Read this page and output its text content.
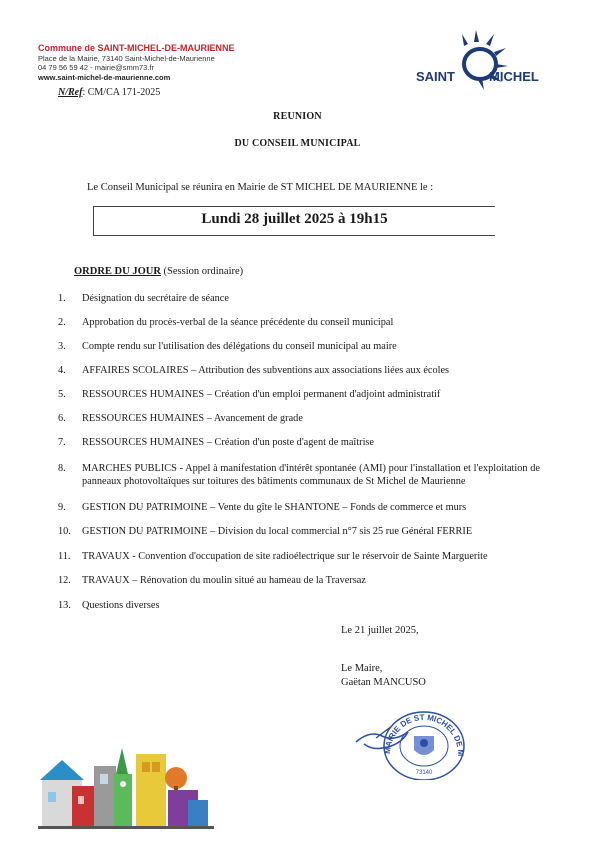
Commune de SAINT-MICHEL-DE-MAURIENNE
Place de la Mairie, 73140 Saint-Michel-de-Maurienne
04 79 56 59 42 - mairie@smm73.fr
www.saint-michel-de-maurienne.com
N/Ref: CM/CA 171-2025
SAINT	MICHEL
REUNION
DU CONSEIL MUNICIPAL
Le Conseil Municipal se réunira en Mairie de ST MICHEL DE MAURIENNE le :
Lundi 28 juillet 2025 à 19h15
ORDRE DU JOUR (Session ordinaire)
1.	Désignation du secrétaire de séance
2.	Approbation du procès-verbal de la séance précédente du conseil municipal
3.	Compte rendu sur l'utilisation des délégations du conseil municipal au maire
4.	AFFAIRES SCOLAIRES – Attribution des subventions aux associations liées aux écoles
5.	RESSOURCES HUMAINES – Création d'un emploi permanent d'adjoint administratif
6.	RESSOURCES HUMAINES – Avancement de grade
7.	RESSOURCES HUMAINES – Création d'un poste d'agent de maîtrise
8.	MARCHES PUBLICS - Appel à manifestation d'intérêt spontanée (AMI) pour l'installation et l'exploitation de panneaux photovoltaïques sur toitures des bâtiments communaux de St Michel de Maurienne
9.	GESTION DU PATRIMOINE – Vente du gîte le SHANTONE – Fonds de commerce et murs
10.	GESTION DU PATRIMOINE – Division du local commercial n°7 sis 25 rue Général FERRIE
11.	TRAVAUX - Convention d'occupation de site radioélectrique sur le réservoir de Sainte Marguerite
12.	TRAVAUX – Rénovation du moulin situé au hameau de la Traversaz
13.	Questions diverses
Le 21 juillet 2025,
Le Maire,
Gaëtan MANCUSO
MAIRIE DE ST MICHEL DE M
73140
